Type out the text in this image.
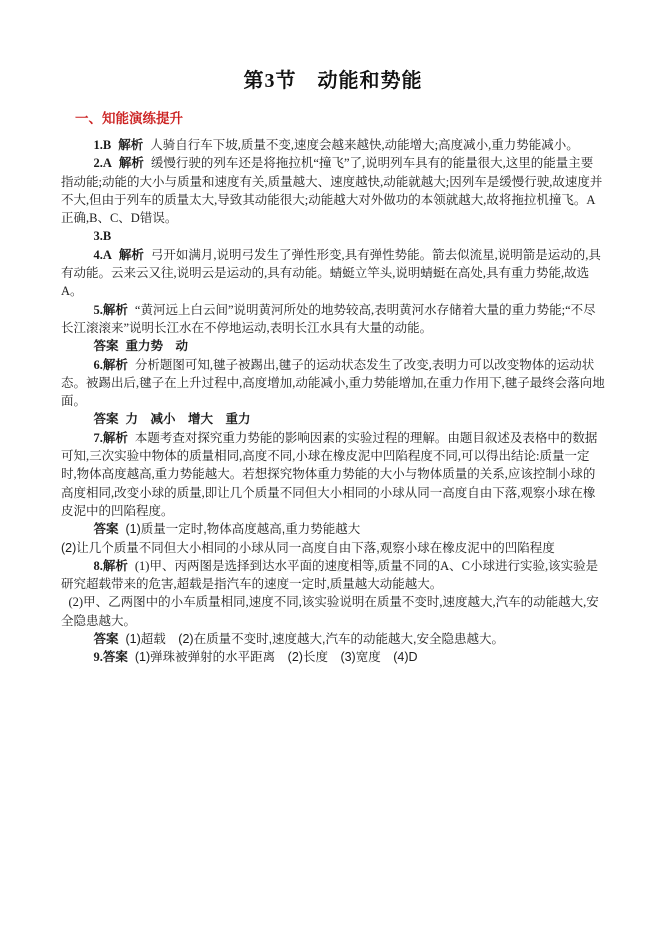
第3节　动能和势能
一、知能演练提升

1.B 解析 人骑自行车下坡,质量不变,速度会越来越快,动能增大;高度减小,重力势能减小。

2.A 解析 缓慢行驶的列车还是将拖拉机“撞飞”了,说明列车具有的能量很大,这里的能量主要指动能;动能的大小与质量和速度有关,质量越大、速度越快,动能就越大;因列车是缓慢行驶,故速度并不大,但由于列车的质量太大,导致其动能很大;动能越大对外做功的本领就越大,故将拖拉机撞飞。A正确,B、C、D错误。

3.B

4.A 解析 弓开如满月,说明弓发生了弹性形变,具有弹性势能。箭去似流星,说明箭是运动的,具有动能。云来云又往,说明云是运动的,具有动能。蜻蜓立竿头,说明蜻蜓在高处,具有重力势能,故选A。

5.解析 “黄河远上白云间”说明黄河所处的地势较高,表明黄河水存储着大量的重力势能;“不尽长江滚滚来”说明长江水在不停地运动,表明长江水具有大量的动能。

答案 重力势　动

6.解析 分析题图可知,毽子被踢出,毽子的运动状态发生了改变,表明力可以改变物体的运动状态。被踢出后,毽子在上升过程中,高度增加,动能减小,重力势能增加,在重力作用下,毽子最终会落向地面。

答案 力　减小　增大　重力

7.解析 本题考查对探究重力势能的影响因素的实验过程的理解。由题目叙述及表格中的数据可知,三次实验中物体的质量相同,高度不同,小球在橡皮泥中凹陷程度不同,可以得出结论:质量一定时,物体高度越高,重力势能越大。若想探究物体重力势能的大小与物体质量的关系,应该控制小球的高度相同,改变小球的质量,即让几个质量不同但大小相同的小球从同一高度自由下落,观察小球在橡皮泥中的凹陷程度。

答案 (1)质量一定时,物体高度越高,重力势能越大

(2)让几个质量不同但大小相同的小球从同一高度自由下落,观察小球在橡皮泥中的凹陷程度

8.解析 (1)甲、丙两图是选择到达水平面的速度相等,质量不同的A、C小球进行实验,该实验是研究超载带来的危害,超载是指汽车的速度一定时,质量越大动能越大。

(2)甲、乙两图中的小车质量相同,速度不同,该实验说明在质量不变时,速度越大,汽车的动能越大,安全隐患越大。

答案 (1)超载　(2)在质量不变时,速度越大,汽车的动能越大,安全隐患越大。

9.答案 (1)弹珠被弹射的水平距离　(2)长度　(3)宽度　(4)D
